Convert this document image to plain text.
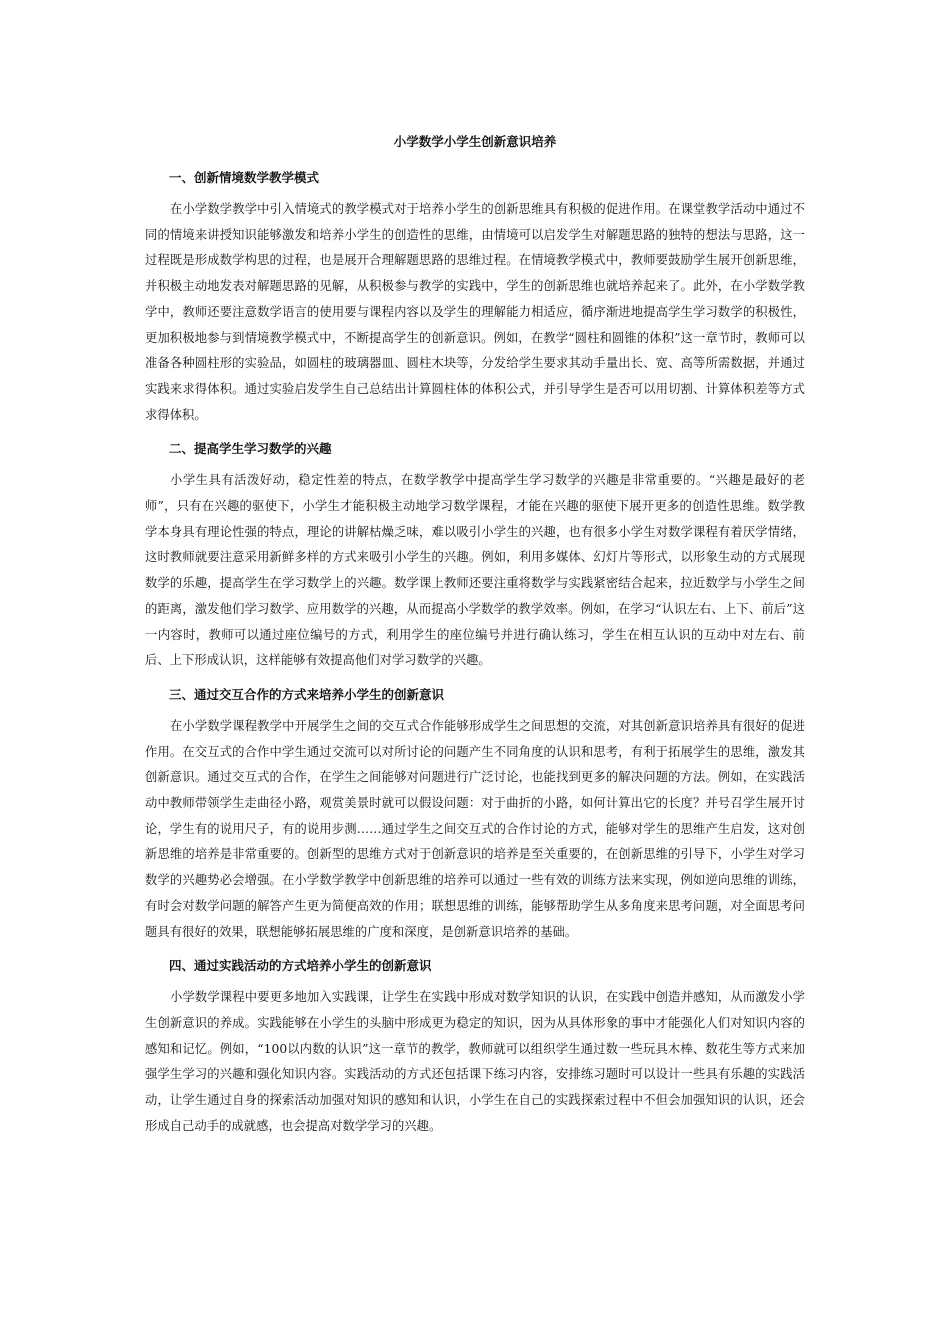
小学数学小学生创新意识培养
一、创新情境数学教学模式

在小学数学教学中引入情境式的教学模式对于培养小学生的创新思维具有积极的促进作用。在课堂教学活动中通过不同的情境来讲授知识能够激发和培养小学生的创造性的思维，由情境可以启发学生对解题思路的独特的想法与思路，这一过程既是形成数学构思的过程，也是展开合理解题思路的思维过程。在情境教学模式中，教师要鼓励学生展开创新思维，并积极主动地发表对解题思路的见解，从积极参与教学的实践中，学生的创新思维也就培养起来了。此外，在小学数学教学中，教师还要注意数学语言的使用要与课程内容以及学生的理解能力相适应，循序渐进地提高学生学习数学的积极性，更加积极地参与到情境教学模式中，不断提高学生的创新意识。例如，在教学“圆柱和圆锥的体积”这一章节时，教师可以准备各种圆柱形的实验品，如圆柱的玻璃器皿、圆柱木块等，分发给学生要求其动手量出长、宽、高等所需数据，并通过实践来求得体积。通过实验启发学生自己总结出计算圆柱体的体积公式，并引导学生是否可以用切割、计算体积差等方式求得体积。

二、提高学生学习数学的兴趣

小学生具有活泼好动，稳定性差的特点，在数学教学中提高学生学习数学的兴趣是非常重要的。“兴趣是最好的老师”，只有在兴趣的驱使下，小学生才能积极主动地学习数学课程，才能在兴趣的驱使下展开更多的创造性思维。数学教学本身具有理论性强的特点，理论的讲解枯燥乏味，难以吸引小学生的兴趣，也有很多小学生对数学课程有着厌学情绪，这时教师就要注意采用新鲜多样的方式来吸引小学生的兴趣。例如，利用多媒体、幻灯片等形式，以形象生动的方式展现数学的乐趣，提高学生在学习数学上的兴趣。数学课上教师还要注重将数学与实践紧密结合起来，拉近数学与小学生之间的距离，激发他们学习数学、应用数学的兴趣，从而提高小学数学的教学效率。例如，在学习“认识左右、上下、前后”这一内容时，教师可以通过座位编号的方式，利用学生的座位编号并进行确认练习，学生在相互认识的互动中对左右、前后、上下形成认识，这样能够有效提高他们对学习数学的兴趣。

三、通过交互合作的方式来培养小学生的创新意识

在小学数学课程教学中开展学生之间的交互式合作能够形成学生之间思想的交流，对其创新意识培养具有很好的促进作用。在交互式的合作中学生通过交流可以对所讨论的问题产生不同角度的认识和思考，有利于拓展学生的思维，激发其创新意识。通过交互式的合作，在学生之间能够对问题进行广泛讨论，也能找到更多的解决问题的方法。例如，在实践活动中教师带领学生走曲径小路，观赏美景时就可以假设问题：对于曲折的小路，如何计算出它的长度？并号召学生展开讨论，学生有的说用尺子，有的说用步测……通过学生之间交互式的合作讨论的方式，能够对学生的思维产生启发，这对创新思维的培养是非常重要的。创新型的思维方式对于创新意识的培养是至关重要的，在创新思维的引导下，小学生对学习数学的兴趣势必会增强。在小学数学教学中创新思维的培养可以通过一些有效的训练方法来实现，例如逆向思维的训练，有时会对数学问题的解答产生更为简便高效的作用；联想思维的训练，能够帮助学生从多角度来思考问题，对全面思考问题具有很好的效果，联想能够拓展思维的广度和深度，是创新意识培养的基础。

四、通过实践活动的方式培养小学生的创新意识

小学数学课程中要更多地加入实践课，让学生在实践中形成对数学知识的认识，在实践中创造并感知，从而激发小学生创新意识的养成。实践能够在小学生的头脑中形成更为稳定的知识，因为从具体形象的事中才能强化人们对知识内容的感知和记忆。例如，“100以内数的认识”这一章节的教学，教师就可以组织学生通过数一些玩具木棒、数花生等方式来加强学生学习的兴趣和强化知识内容。实践活动的方式还包括课下练习内容，安排练习题时可以设计一些具有乐趣的实践活动，让学生通过自身的探索活动加强对知识的感知和认识，小学生在自己的实践探索过程中不但会加强知识的认识，还会形成自己动手的成就感，也会提高对数学学习的兴趣。
